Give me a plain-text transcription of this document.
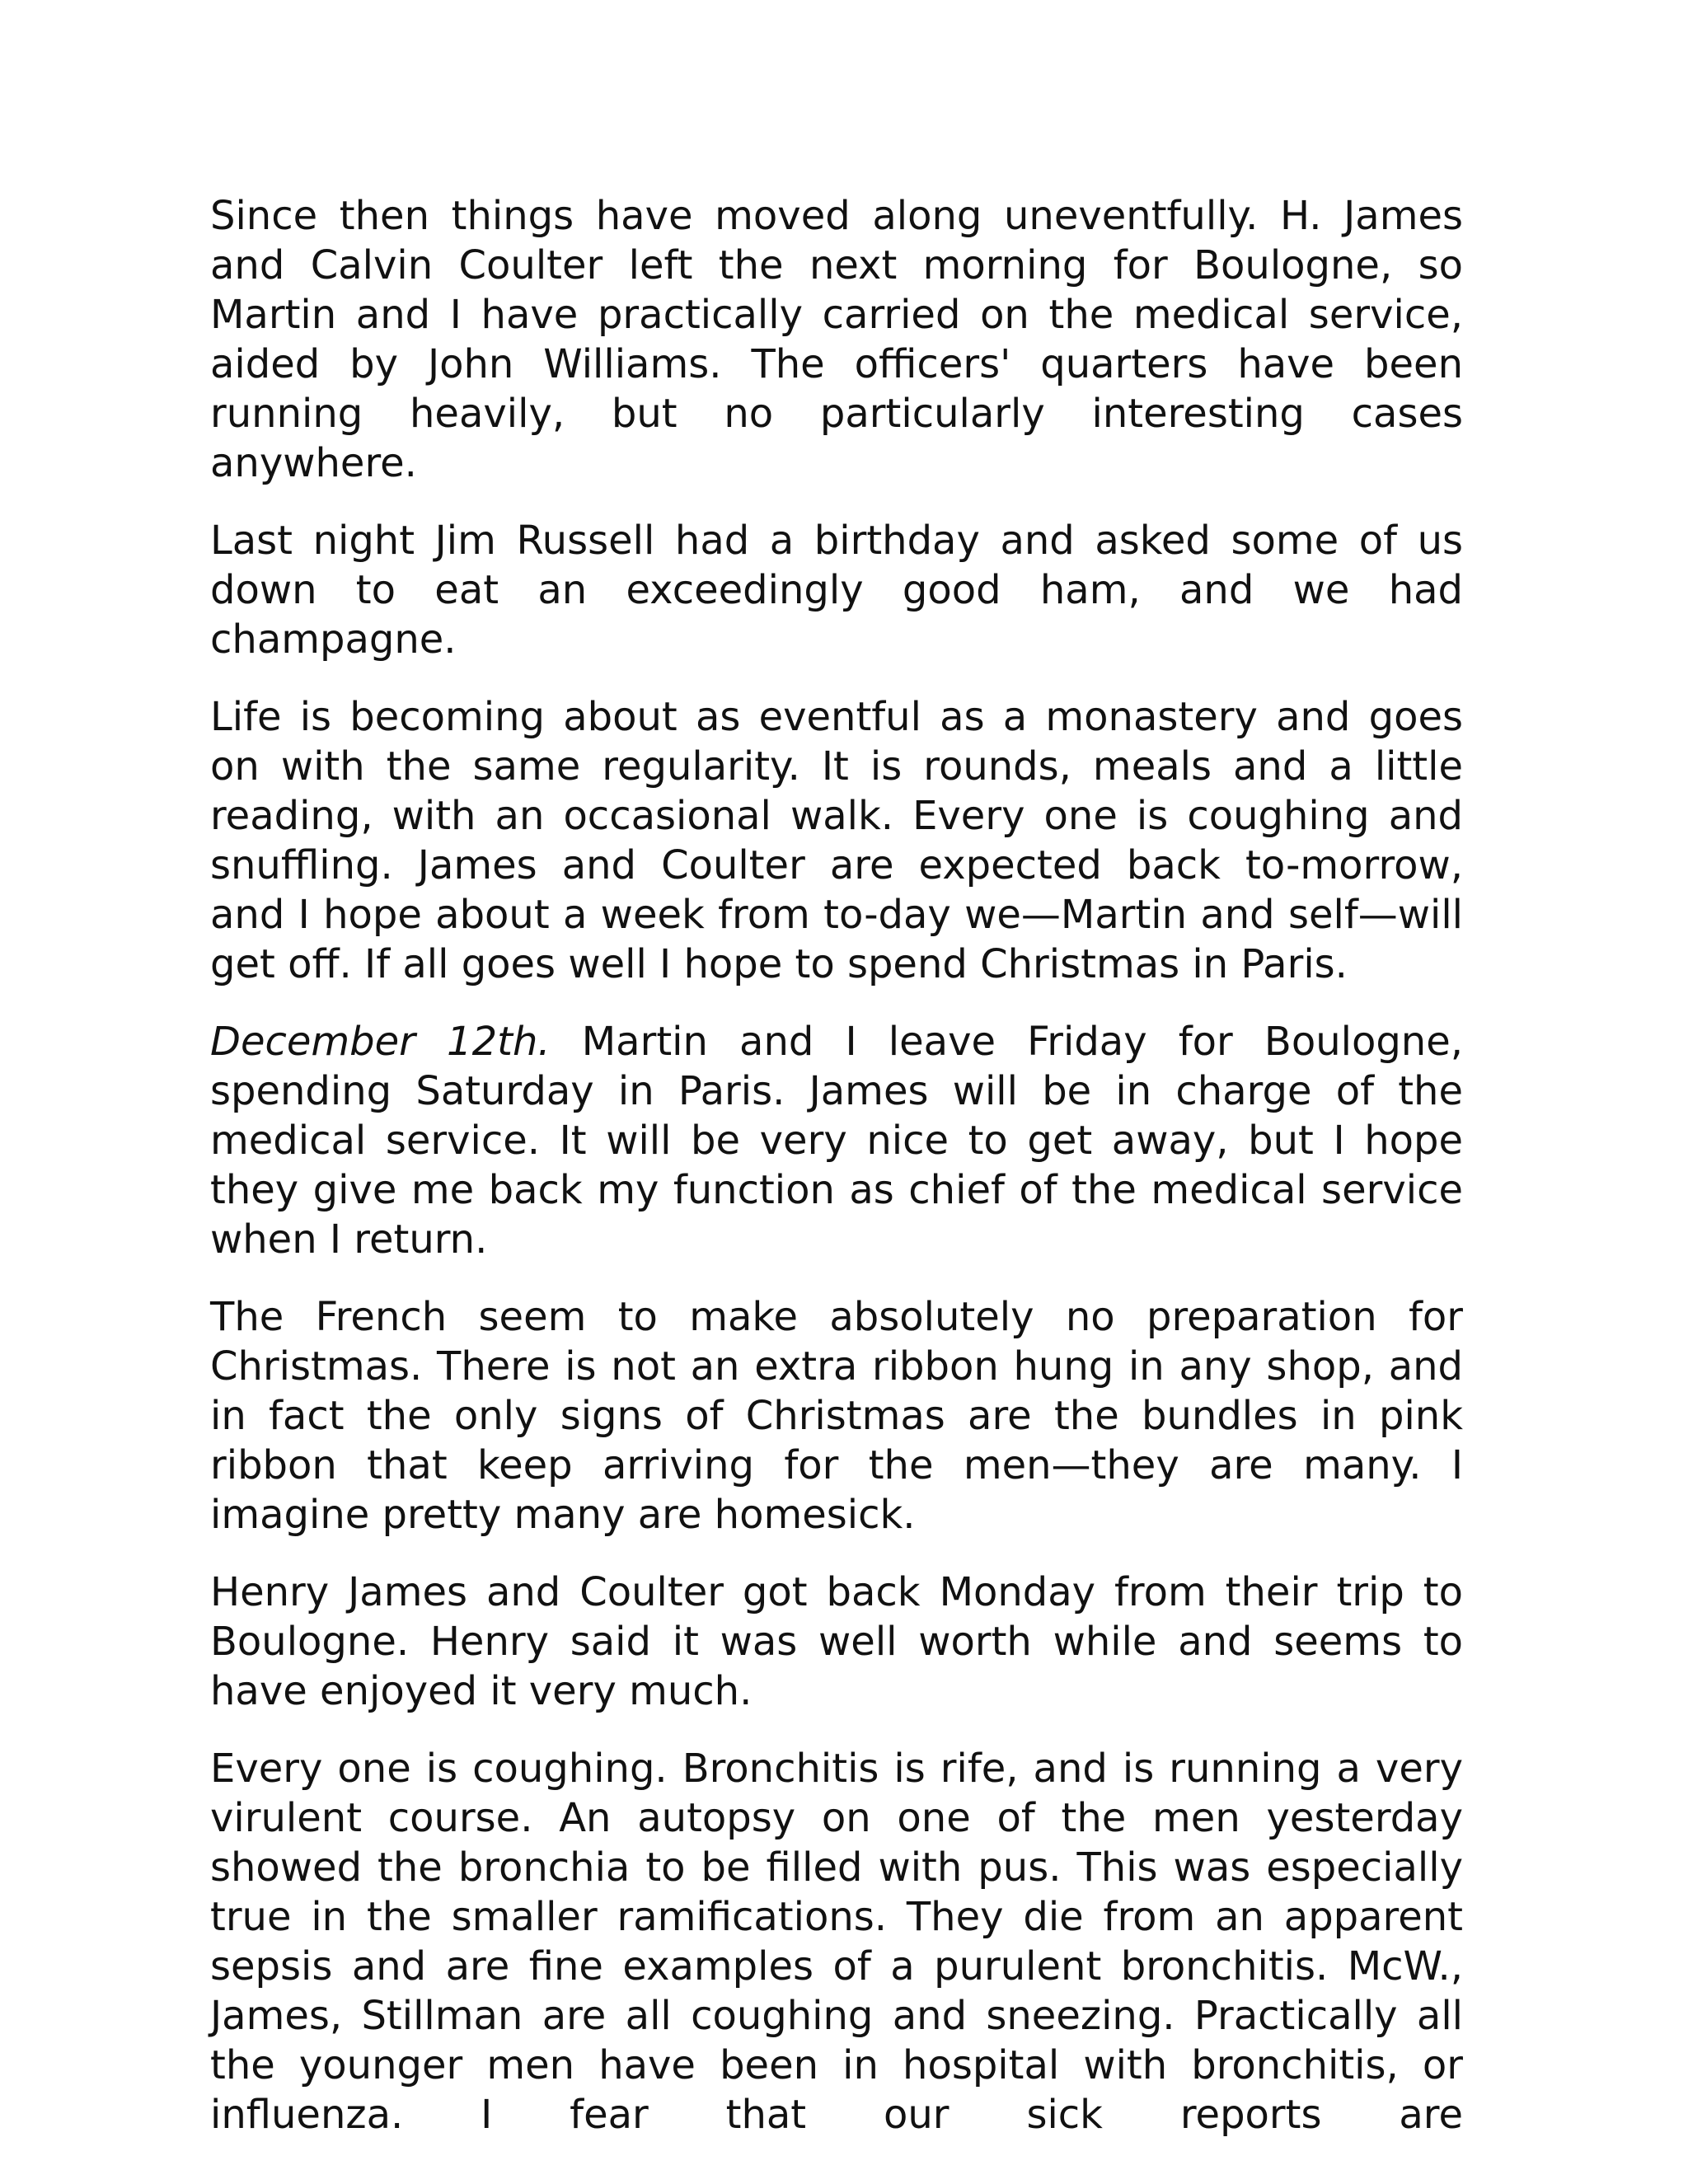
Since then things have moved along uneventfully. H. James and Calvin Coulter left the next morning for Boulogne, so Martin and I have practically carried on the medical service, aided by John Williams. The officers' quarters have been running heavily, but no particularly interesting cases anywhere.

Last night Jim Russell had a birthday and asked some of us down to eat an exceedingly good ham, and we had champagne.

Life is becoming about as eventful as a monastery and goes on with the same regularity. It is rounds, meals and a little reading, with an occasional walk. Every one is coughing and snuffling. James and Coulter are expected back to-morrow, and I hope about a week from to-day we—Martin and self—will get off. If all goes well I hope to spend Christmas in Paris.

December 12th. Martin and I leave Friday for Boulogne, spending Saturday in Paris. James will be in charge of the medical service. It will be very nice to get away, but I hope they give me back my function as chief of the medical service when I return.

The French seem to make absolutely no preparation for Christmas. There is not an extra ribbon hung in any shop, and in fact the only signs of Christmas are the bundles in pink ribbon that keep arriving for the men—they are many. I imagine pretty many are homesick.

Henry James and Coulter got back Monday from their trip to Boulogne. Henry said it was well worth while and seems to have enjoyed it very much.

Every one is coughing. Bronchitis is rife, and is running a very virulent course. An autopsy on one of the men yesterday showed the bronchia to be filled with pus. This was especially true in the smaller ramifications. They die from an apparent sepsis and are fine examples of a purulent bronchitis. McW., James, Stillman are all coughing and sneezing. Practically all the younger men have been in hospital with bronchitis, or influenza. I fear that our sick reports are
